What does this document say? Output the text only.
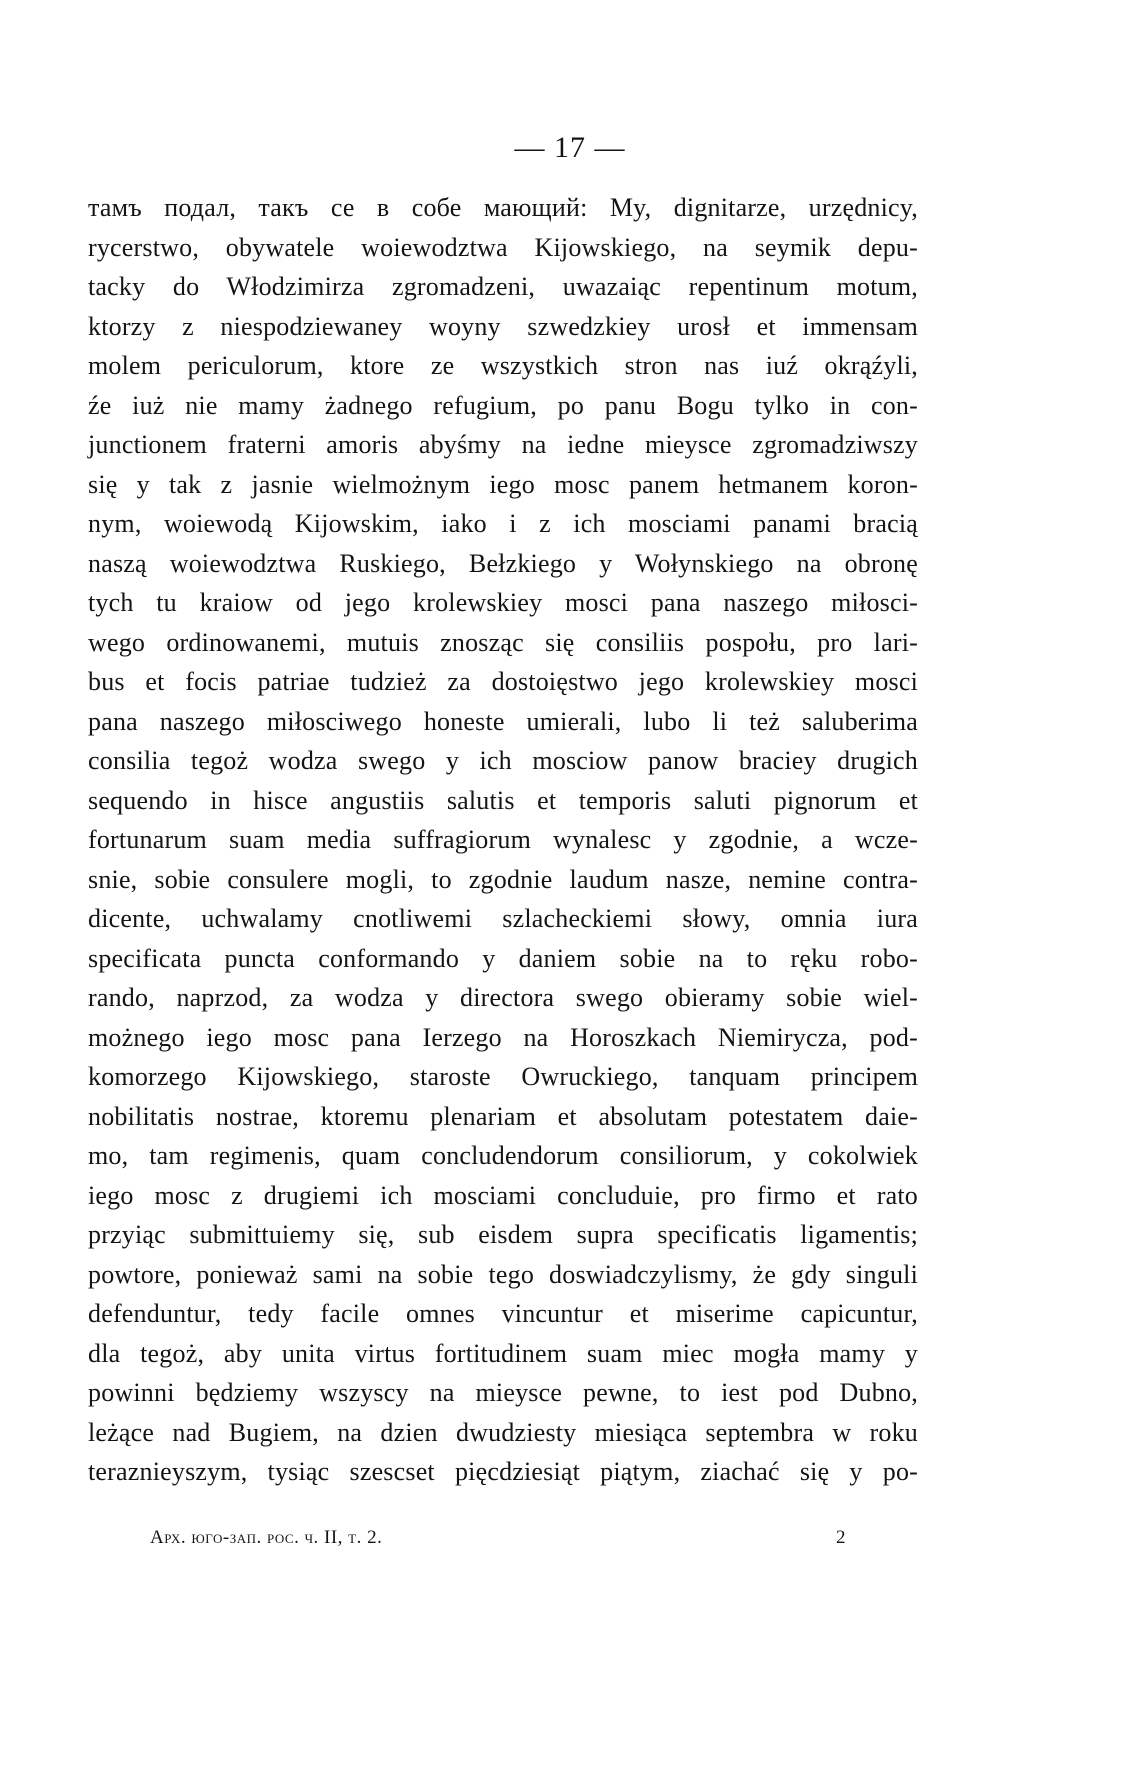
— 17 —
тамъ подал, такъ се в собе мающий: My, dignitarze, urzędnicy,
rycerstwo, obywatele woiewodztwa Kijowskiego, na seymik depu-
tacky do Włodzimirza zgromadzeni, uwazaiąc repentinum motum,
ktorzy z niespodziewaney woyny szwedzkiey urosł et immensam
molem periculorum, ktore ze wszystkich stron nas iuź okrąźyli,
źe iuż nie mamy żadnego refugium, po panu Bogu tylko in con-
junctionem fraterni amoris abyśmy na iedne mieysce zgromadziwszy
się y tak z jasnie wielmożnym iego mosc panem hetmanem koron-
nym, woiewodą Kijowskim, iako i z ich mosciami panami bracią
naszą woiewodztwa Ruskiego, Bełzkiego y Wołynskiego na obronę
tych tu kraiow od jego krolewskiey mosci pana naszego miłosci-
wego ordinowanemi, mutuis znosząc się consiliis pospołu, pro lari-
bus et focis patriae tudzież za dostoięstwo jego krolewskiey mosci
pana naszego miłosciwego honeste umierali, lubo li też saluberima
consilia tegoż wodza swego y ich mosciow panow braciey drugich
sequendo in hisce angustiis salutis et temporis saluti pignorum et
fortunarum suam media suffragiorum wynalesc y zgodnie, a wcze-
snie, sobie consulere mogli, to zgodnie laudum nasze, nemine contra-
dicente, uchwalamy cnotliwemi szlacheckiemi słowy, omnia iura
specificata puncta conformando y daniem sobie na to ręku robo-
rando, naprzod, za wodza y directora swego obieramy sobie wiel-
możnego iego mosc pana Ierzego na Horoszkach Niemirycza, pod-
komorzego Kijowskiego, staroste Owruckiego, tanquam principem
nobilitatis nostrae, ktoremu plenariam et absolutam potestatem daie-
mo, tam regimenis, quam concludendorum consiliorum, y cokolwiek
iego mosc z drugiemi ich mosciami concluduie, pro firmo et rato
przyiąc submittuiemy się, sub eisdem supra specificatis ligamentis;
powtore, ponieważ sami na sobie tego doswiadczylismy, że gdy singuli
defenduntur, tedy facile omnes vincuntur et miserime capicuntur,
dla tegoż, aby unita virtus fortitudinem suam miec mogła mamy y
powinni będziemy wszyscy na mieysce pewne, to iest pod Dubno,
leżące nad Bugiem, na dzien dwudziesty miesiąca septembra w roku
teraznieyszym, tysiąc szescset pięcdziesiąt piątym, ziachać się y po-
Арх. юго-зап. рос. ч. II, т. 2.	2
